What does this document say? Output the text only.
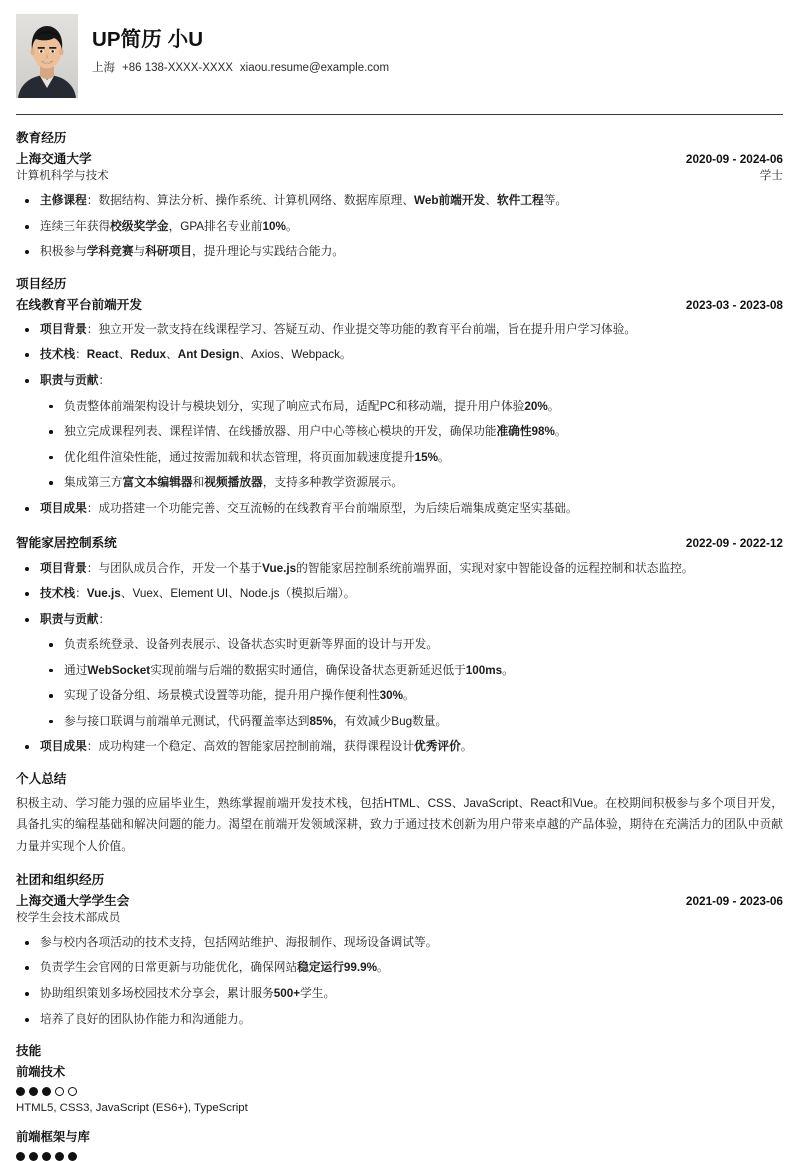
UP简历 小U
上海 +86 138-XXXX-XXXX xiaou.resume@example.com
教育经历
上海交通大学	2020-09 - 2024-06
计算机科学与技术	学士
主修课程：数据结构、算法分析、操作系统、计算机网络、数据库原理、Web前端开发、软件工程等。
连续三年获得校级奖学金，GPA排名专业前10%。
积极参与学科竞赛与科研项目，提升理论与实践结合能力。
项目经历
在线教育平台前端开发	2023-03 - 2023-08
项目背景：独立开发一款支持在线课程学习、答疑互动、作业提交等功能的教育平台前端，旨在提升用户学习体验。
技术栈：React、Redux、Ant Design、Axios、Webpack。
职责与贡献：
负责整体前端架构设计与模块划分，实现了响应式布局，适配PC和移动端，提升用户体验20%。
独立完成课程列表、课程详情、在线播放器、用户中心等核心模块的开发，确保功能准确性98%。
优化组件渲染性能，通过按需加载和状态管理，将页面加载速度提升15%。
集成第三方富文本编辑器和视频播放器，支持多种教学资源展示。
项目成果：成功搭建一个功能完善、交互流畅的在线教育平台前端原型，为后续后端集成奠定坚实基础。
智能家居控制系统	2022-09 - 2022-12
项目背景：与团队成员合作，开发一个基于Vue.js的智能家居控制系统前端界面，实现对家中智能设备的远程控制和状态监控。
技术栈：Vue.js、Vuex、Element UI、Node.js（模拟后端）。
职责与贡献：
负责系统登录、设备列表展示、设备状态实时更新等界面的设计与开发。
通过WebSocket实现前端与后端的数据实时通信，确保设备状态更新延迟低于100ms。
实现了设备分组、场景模式设置等功能，提升用户操作便利性30%。
参与接口联调与前端单元测试，代码覆盖率达到85%，有效减少Bug数量。
项目成果：成功构建一个稳定、高效的智能家居控制前端，获得课程设计优秀评价。
个人总结
积极主动、学习能力强的应届毕业生，熟练掌握前端开发技术栈，包括HTML、CSS、JavaScript、React和Vue。在校期间积极参与多个项目开发，具备扎实的编程基础和解决问题的能力。渴望在前端开发领域深耕，致力于通过技术创新为用户带来卓越的产品体验，期待在充满活力的团队中贡献力量并实现个人价值。
社团和组织经历
上海交通大学学生会	2021-09 - 2023-06
校学生会技术部成员
参与校内各项活动的技术支持，包括网站维护、海报制作、现场设备调试等。
负责学生会官网的日常更新与功能优化，确保网站稳定运行99.9%。
协助组织策划多场校园技术分享会，累计服务500+学生。
培养了良好的团队协作能力和沟通能力。
技能
前端技术
HTML5, CSS3, JavaScript (ES6+), TypeScript
前端框架与库
